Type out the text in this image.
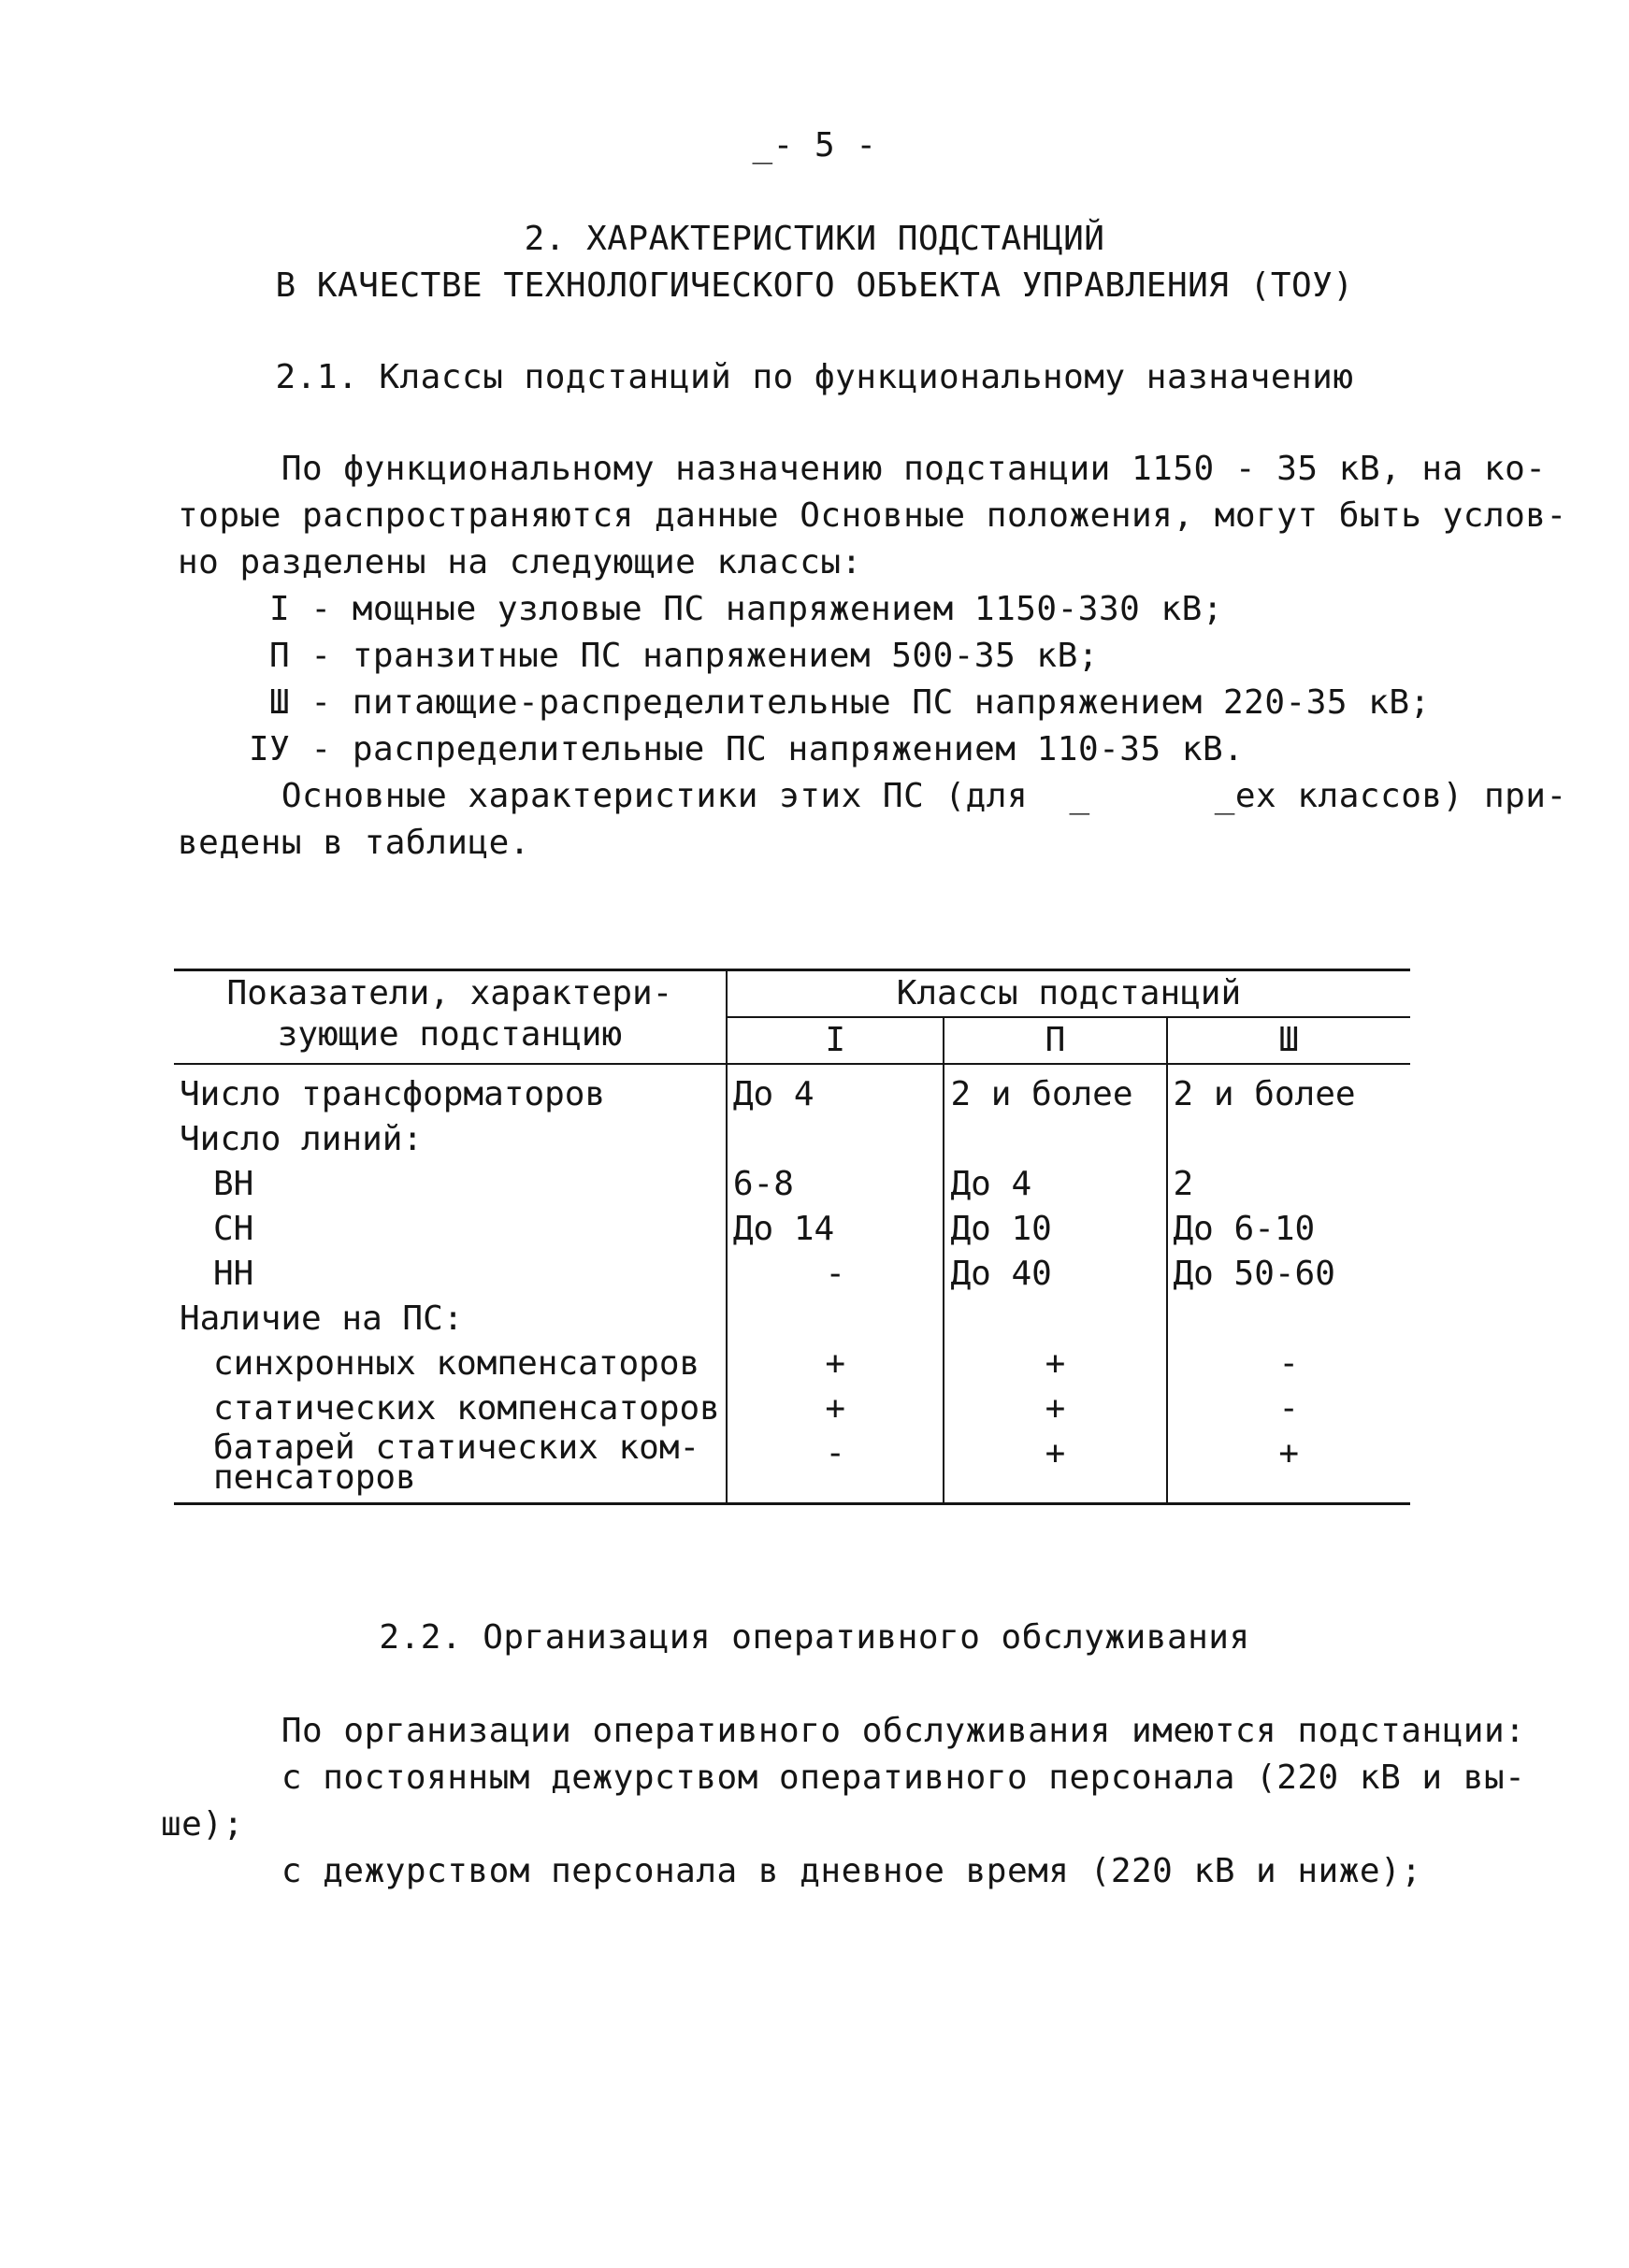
_- 5 -
2. ХАРАКТЕРИСТИКИ ПОДСТАНЦИЙ
В КАЧЕСТВЕ ТЕХНОЛОГИЧЕСКОГО ОБЪЕКТА УПРАВЛЕНИЯ (ТОУ)
2.1. Классы подстанций по функциональному назначению
По функциональному назначению подстанции 1150 - 35 кВ, на ко-
торые распространяются данные Основные положения, могут быть услов-
но разделены на следующие классы:
I - мощные узловые ПС напряжением 1150-330 кВ;
П - транзитные ПС напряжением 500-35 кВ;
Ш - питающие-распределительные ПС напряжением 220-35 кВ;
IУ - распределительные ПС напряжением 110-35 кВ.
Основные характеристики этих ПС (для  _      _ех классов) при-
ведены в таблице.
Показатели, характери-
зующие подстанцию	Классы подстанций		
	I	П	Ш
Число трансформаторов	До 4	2 и более	2 и более
Число линий:			
ВН	6-8	До 4	2
СН	До 14	До 10	До 6-10
НН	-	До 40	До 50-60
Наличие на ПС:			
синхронных компенсаторов	+	+	-
статических компенсаторов	+	+	-
батарей статических ком-
пенсаторов	-	+	+
2.2. Организация оперативного обслуживания
По организации оперативного обслуживания имеются подстанции:
с постоянным дежурством оперативного персонала (220 кВ и вы-
ше);
с дежурством персонала в дневное время (220 кВ и ниже);
